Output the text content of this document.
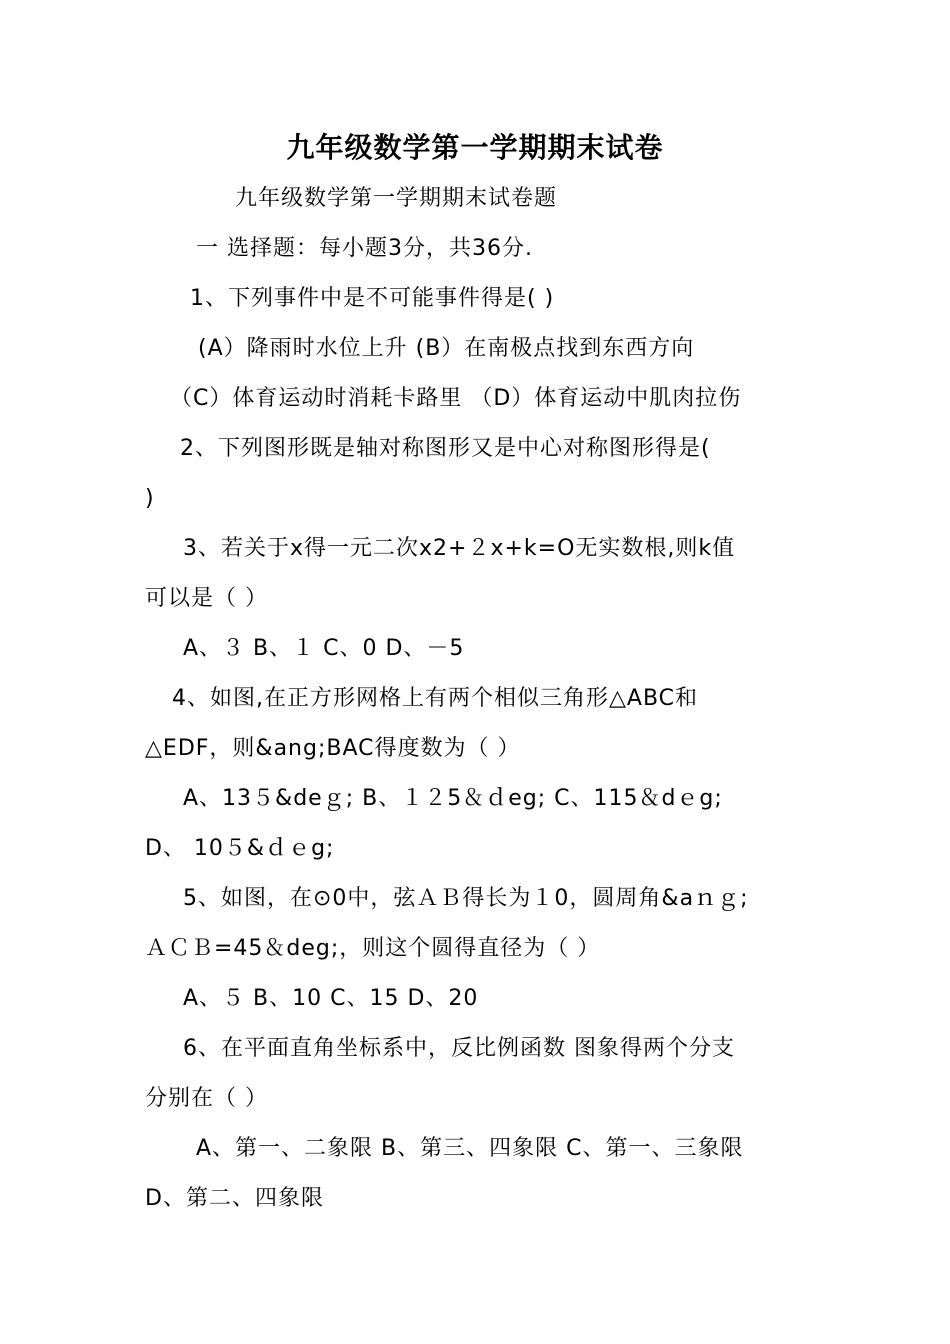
九年级数学第一学期期末试卷
九年级数学第一学期期末试卷题
一 选择题：每小题3分，共36分.
1、下列事件中是不可能事件得是( )
(A）降雨时水位上升 (B）在南极点找到东西方向
（C）体育运动时消耗卡路里 （D）体育运动中肌肉拉伤
2、下列图形既是轴对称图形又是中心对称图形得是(
)
3、若关于x得一元二次x2+２x+k=O无实数根,则k值
可以是（ ）
A、３ B、１ C、0 D、－5
4、如图,在正方形网格上有两个相似三角形△ABC和
△EDF，则&ang;BAC得度数为（ ）
A、13５&deｇ; B、１２5＆ｄeg; C、115＆dｅg;
D、 10５&ｄｅg;
5、如图，在⊙0中，弦ＡＢ得长为１0，圆周角&aｎｇ;
ＡＣＢ=45＆deg;，则这个圆得直径为（ ）
A、５ B、10 C、15 D、20
6、在平面直角坐标系中，反比例函数 图象得两个分支
分别在（ ）
A、第一、二象限 B、第三、四象限 C、第一、三象限
D、第二、四象限
